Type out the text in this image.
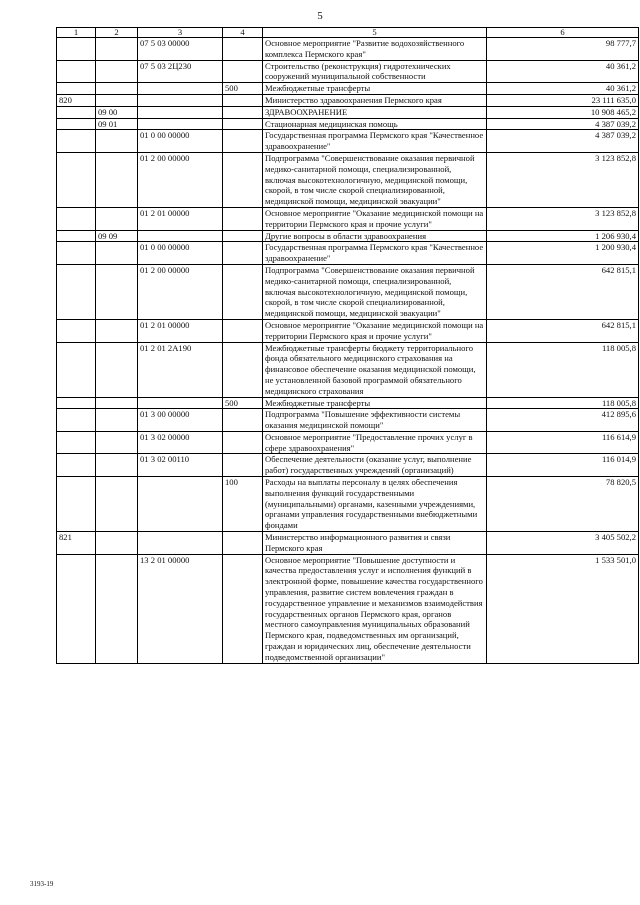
5
1	2	3	4	5	6
		07 5 03 00000		Основное мероприятие "Развитие водохозяйственного комплекса Пермского края"	98 777,7
		07 5 03 2Ц230		Строительство (реконструкция) гидротехнических сооружений муниципальной собственности	40 361,2
			500	Межбюджетные трансферты	40 361,2
820				Министерство здравоохранения Пермского края	23 111 635,0
	09 00			ЗДРАВООХРАНЕНИЕ	10 908 465,2
	09 01			Стационарная медицинская помощь	4 387 039,2
		01 0 00 00000		Государственная программа Пермского края "Качественное здравоохранение"	4 387 039,2
		01 2 00 00000		Подпрограмма "Совершенствование оказания первичной медико-санитарной помощи, специализированной, включая высокотехнологичную, медицинской помощи, скорой, в том числе скорой специализированной, медицинской помощи, медицинской эвакуации"	3 123 852,8
		01 2 01 00000		Основное мероприятие "Оказание медицинской помощи на территории Пермского края и прочие услуги"	3 123 852,8
	09 09			Другие вопросы в области здравоохранения	1 206 930,4
		01 0 00 00000		Государственная программа Пермского края "Качественное здравоохранение"	1 200 930,4
		01 2 00 00000		Подпрограмма "Совершенствование оказания первичной медико-санитарной помощи, специализированной, включая высокотехнологичную, медицинской помощи, скорой, в том числе скорой специализированной, медицинской помощи, медицинской эвакуации"	642 815,1
		01 2 01 00000		Основное мероприятие "Оказание медицинской помощи на территории Пермского края и прочие услуги"	642 815,1
		01 2 01 2А190		Межбюджетные трансферты бюджету территориального фонда обязательного медицинского страхования на финансовое обеспечение оказания медицинской помощи, не установленной базовой программой обязательного медицинского страхования	118 005,8
			500	Межбюджетные трансферты	118 005,8
		01 3 00 00000		Подпрограмма "Повышение эффективности системы оказания медицинской помощи"	412 895,6
		01 3 02 00000		Основное мероприятие "Предоставление прочих услуг в сфере здравоохранения"	116 614,9
		01 3 02 00110		Обеспечение деятельности (оказание услуг, выполнение работ) государственных учреждений (организаций)	116 014,9
			100	Расходы на выплаты персоналу в целях обеспечения выполнения функций государственными (муниципальными) органами, казенными учреждениями, органами управления государственными внебюджетными фондами	78 820,5
821				Министерство информационного развития и связи Пермского края	3 405 502,2
		13 2 01 00000		Основное мероприятие "Повышение доступности и качества предоставления услуг и исполнения функций в электронной форме, повышение качества государственного управления, развитие систем вовлечения граждан в государственное управление и механизмов взаимодействия государственных органов Пермского края, органов местного самоуправления муниципальных образований Пермского края, подведомственных им организаций, граждан и юридических лиц, обеспечение деятельности подведомственной организации"	1 533 501,0
3193-19
